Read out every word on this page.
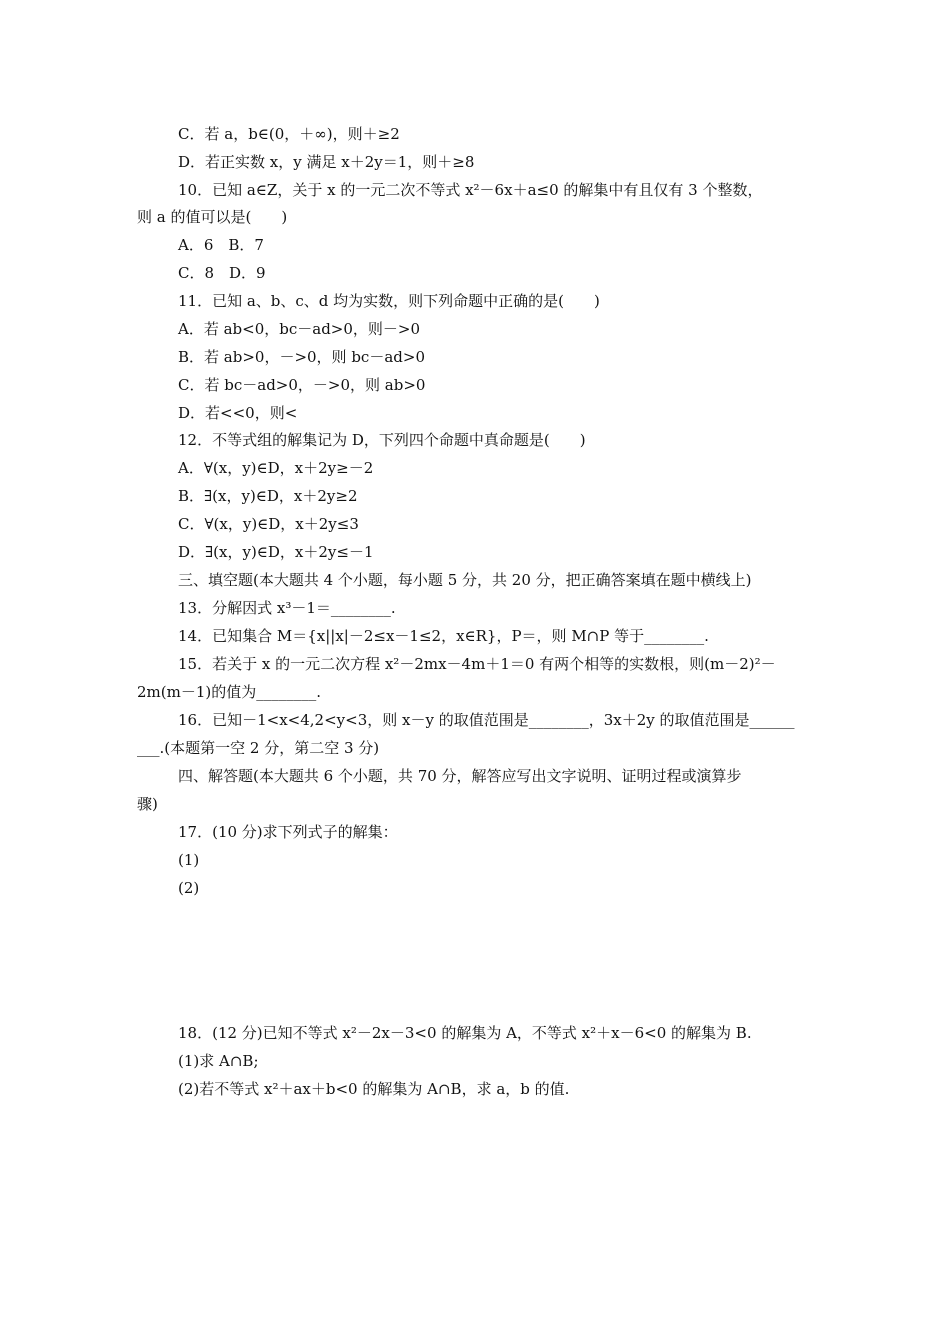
C．若 a，b∈(0，＋∞)，则＋≥2
D．若正实数 x，y 满足 x＋2y＝1，则＋≥8
10．已知 a∈Z，关于 x 的一元二次不等式 x²－6x＋a≤0 的解集中有且仅有 3 个整数，
则 a 的值可以是(　　)
A．6　B．7
C．8　D．9
11．已知 a、b、c、d 均为实数，则下列命题中正确的是(　　)
A．若 ab<0，bc－ad>0，则－>0
B．若 ab>0，－>0，则 bc－ad>0
C．若 bc－ad>0，－>0，则 ab>0
D．若<<0，则<
12．不等式组的解集记为 D，下列四个命题中真命题是(　　)
A．∀(x，y)∈D，x＋2y≥－2
B．∃(x，y)∈D，x＋2y≥2
C．∀(x，y)∈D，x＋2y≤3
D．∃(x，y)∈D，x＋2y≤－1
三、填空题(本大题共 4 个小题，每小题 5 分，共 20 分，把正确答案填在题中横线上)
13．分解因式 x³－1＝________.
14．已知集合 M＝{x||x|－2≤x－1≤2，x∈R}，P＝，则 M∩P 等于________.
15．若关于 x 的一元二次方程 x²－2mx－4m＋1＝0 有两个相等的实数根，则(m－2)²－
2m(m－1)的值为________.
16．已知－1<x<4,2<y<3，则 x－y 的取值范围是________，3x＋2y 的取值范围是______
___.(本题第一空 2 分，第二空 3 分)
四、解答题(本大题共 6 个小题，共 70 分，解答应写出文字说明、证明过程或演算步
骤)
17．(10 分)求下列式子的解集：
(1)
(2)
18．(12 分)已知不等式 x²－2x－3<0 的解集为 A，不等式 x²＋x－6<0 的解集为 B.
(1)求 A∩B;
(2)若不等式 x²＋ax＋b<0 的解集为 A∩B，求 a，b 的值.
